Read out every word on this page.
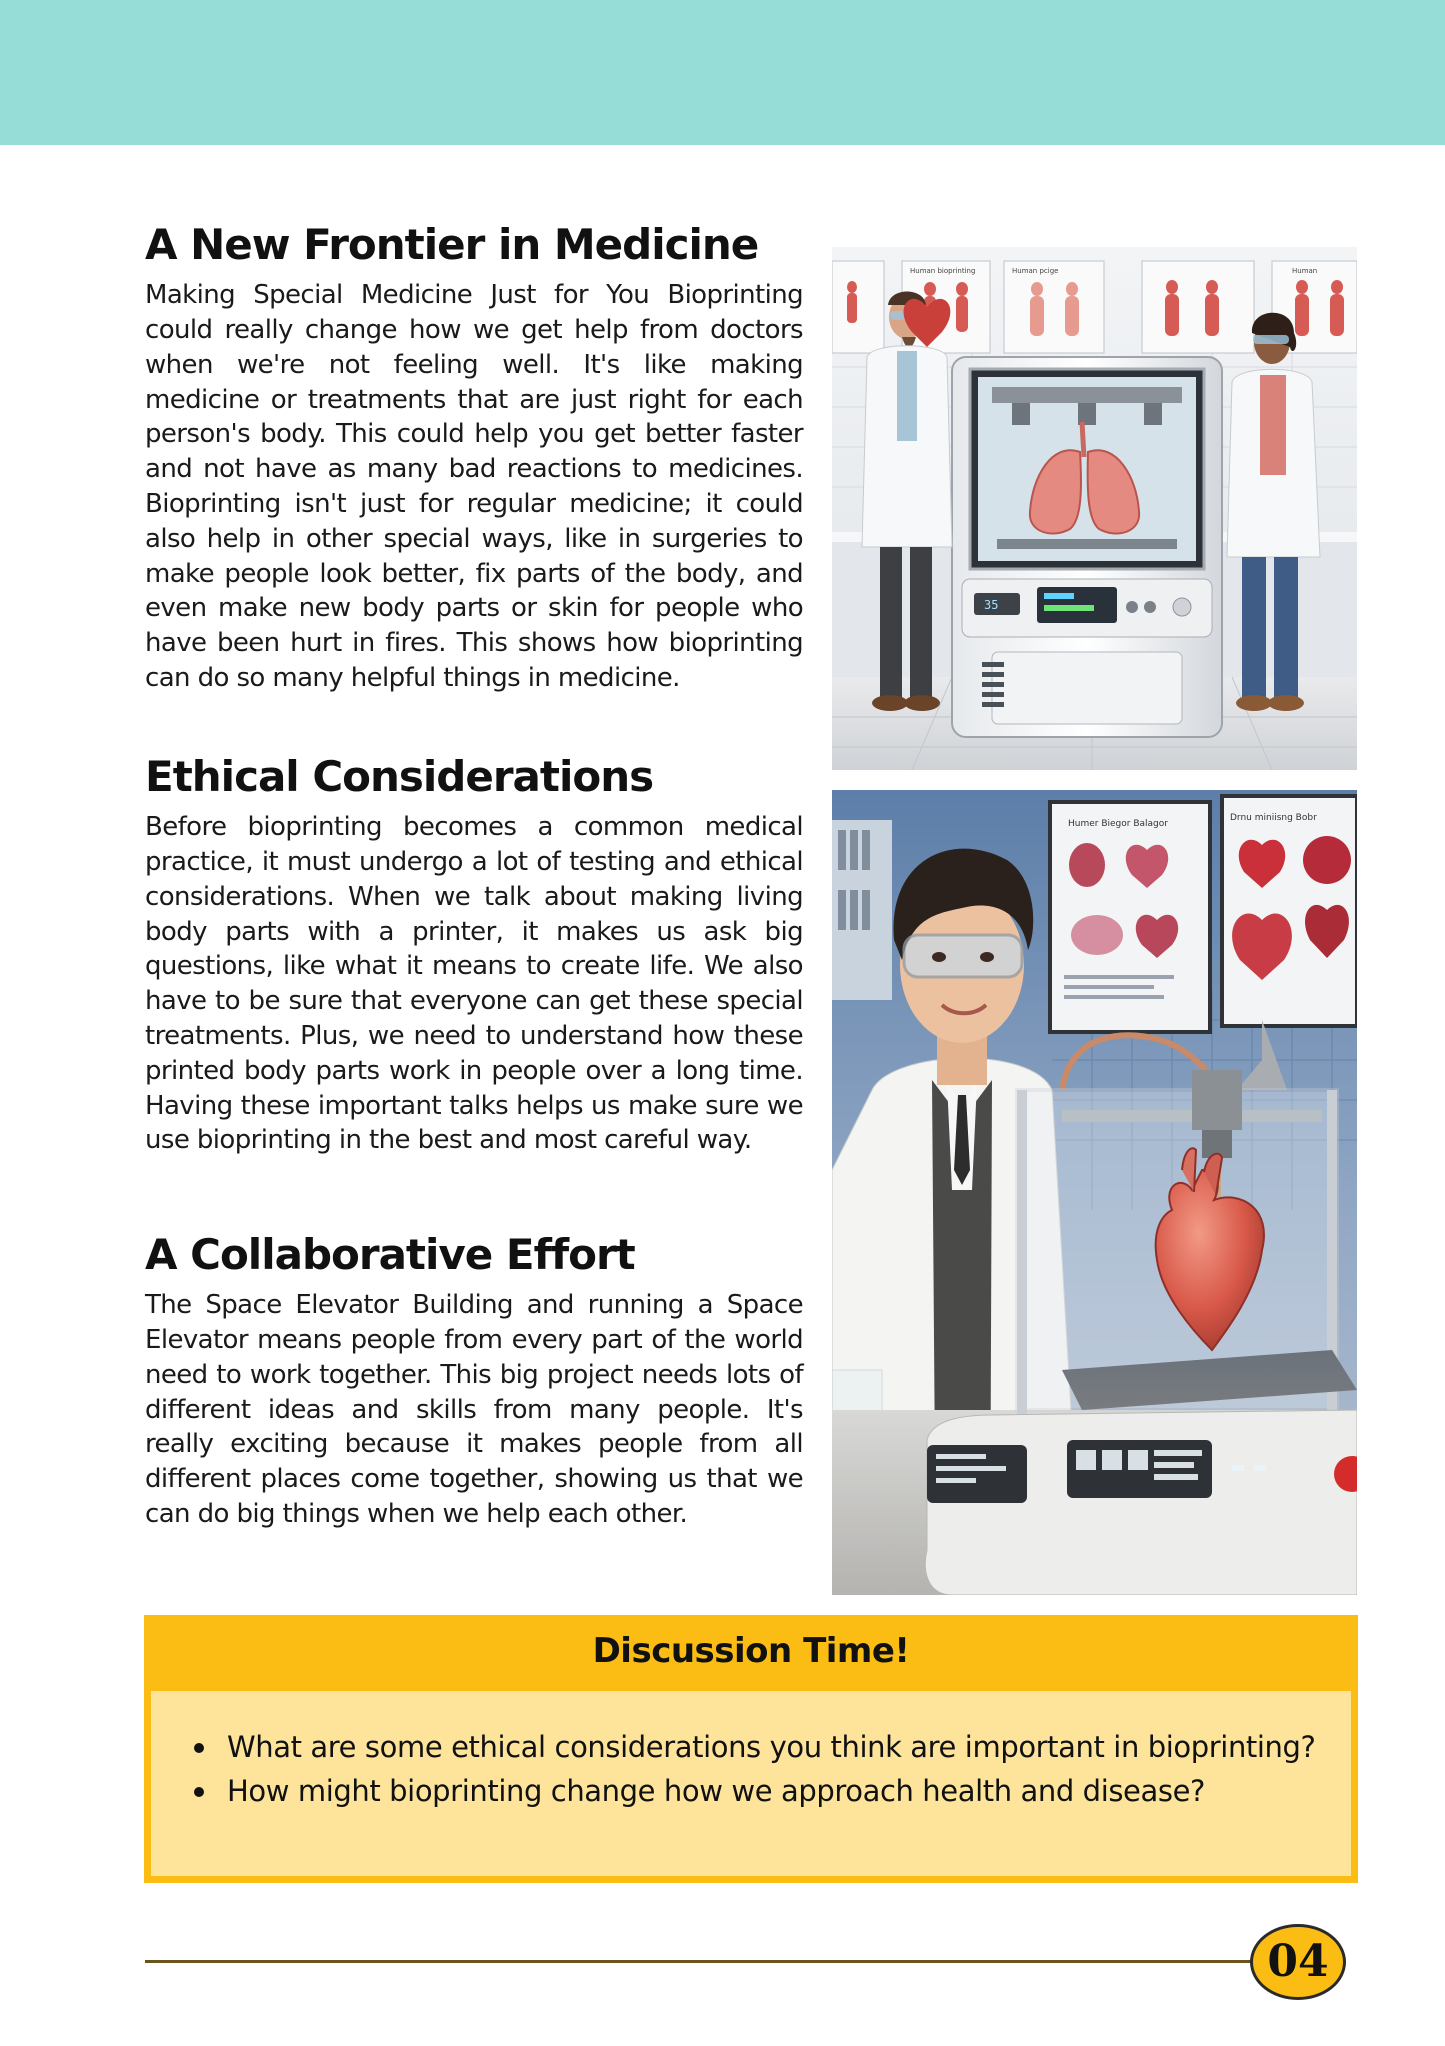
A New Frontier in Medicine

Making Special Medicine Just for You Bioprinting could really change how we get help from doctors when we're not feeling well. It's like making medicine or treatments that are just right for each person's body. This could help you get better faster and not have as many bad reactions to medicines. Bioprinting isn't just for regular medicine; it could also help in other special ways, like in surgeries to make people look better, fix parts of the body, and even make new body parts or skin for people who have been hurt in fires. This shows how bioprinting can do so many helpful things in medicine.

Ethical Considerations

Before bioprinting becomes a common medical practice, it must undergo a lot of testing and ethical considerations. When we talk about making living body parts with a printer, it makes us ask big questions, like what it means to create life. We also have to be sure that everyone can get these special treatments. Plus, we need to understand how these printed body parts work in people over a long time. Having these important talks helps us make sure we use bioprinting in the best and most careful way.

A Collaborative Effort

The Space Elevator Building and running a Space Elevator means people from every part of the world need to work together. This big project needs lots of different ideas and skills from many people. It's really exciting because it makes people from all different places come together, showing us that we can do big things when we help each other.

Human bioprinting	Human pcige	Human
35
Humer Biegor Balagor
Drnu miniisng Bobr
Discussion Time!
What are some ethical considerations you think are important in bioprinting?
How might bioprinting change how we approach health and disease?
04
